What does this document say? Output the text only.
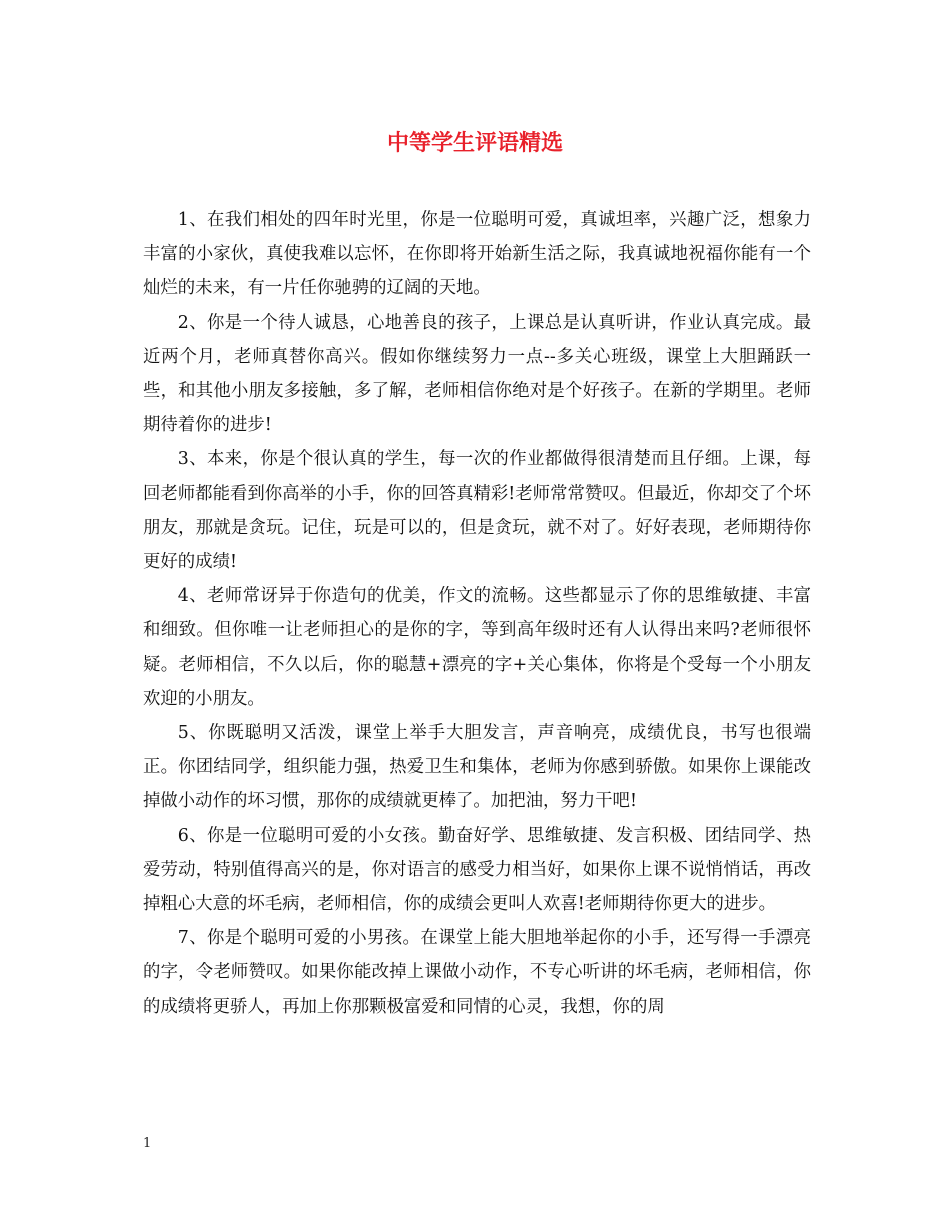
中等学生评语精选

1、在我们相处的四年时光里，你是一位聪明可爱，真诚坦率，兴趣广泛，想象力丰富的小家伙，真使我难以忘怀，在你即将开始新生活之际，我真诚地祝福你能有一个灿烂的未来，有一片任你驰骋的辽阔的天地。

2、你是一个待人诚恳，心地善良的孩子，上课总是认真听讲，作业认真完成。最近两个月，老师真替你高兴。假如你继续努力一点--多关心班级，课堂上大胆踊跃一些，和其他小朋友多接触，多了解，老师相信你绝对是个好孩子。在新的学期里。老师期待着你的进步!

3、本来，你是个很认真的学生，每一次的作业都做得很清楚而且仔细。上课，每回老师都能看到你高举的小手，你的回答真精彩!老师常常赞叹。但最近，你却交了个坏朋友，那就是贪玩。记住，玩是可以的，但是贪玩，就不对了。好好表现，老师期待你更好的成绩!

4、老师常讶异于你造句的优美，作文的流畅。这些都显示了你的思维敏捷、丰富和细致。但你唯一让老师担心的是你的字，等到高年级时还有人认得出来吗?老师很怀疑。老师相信，不久以后，你的聪慧+漂亮的字+关心集体，你将是个受每一个小朋友欢迎的小朋友。

5、你既聪明又活泼，课堂上举手大胆发言，声音响亮，成绩优良，书写也很端正。你团结同学，组织能力强，热爱卫生和集体，老师为你感到骄傲。如果你上课能改掉做小动作的坏习惯，那你的成绩就更棒了。加把油，努力干吧!

6、你是一位聪明可爱的小女孩。勤奋好学、思维敏捷、发言积极、团结同学、热爱劳动，特别值得高兴的是，你对语言的感受力相当好，如果你上课不说悄悄话，再改掉粗心大意的坏毛病，老师相信，你的成绩会更叫人欢喜!老师期待你更大的进步。

7、你是个聪明可爱的小男孩。在课堂上能大胆地举起你的小手，还写得一手漂亮的字，令老师赞叹。如果你能改掉上课做小动作，不专心听讲的坏毛病，老师相信，你的成绩将更骄人，再加上你那颗极富爱和同情的心灵，我想，你的周

1
